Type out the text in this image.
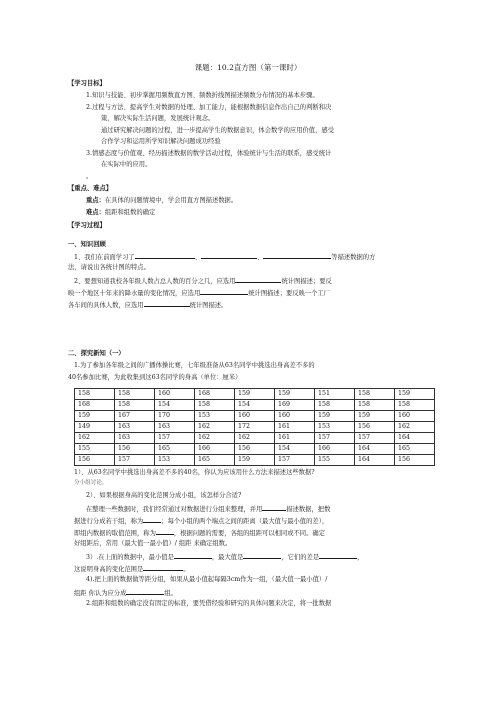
课题：10.2直方图（第一课时）
【学习目标】
1.知识与技能、初步掌握用频数直方图、频数折线图描述频数分布情况的基本步骤。
2.过程与方法、提高学生对数据的处理、加工能力，能根据数据信息作出自己的判断和决
策，解决实际生活问题，发展统计观念。
通过研究解决问题的过程，进一步提高学生的数据意识，体会数学的应用价值，感受
合作学习和运用所学知识解决问题成功经验
3.情感态度与价值观、经历描述数据的数学活动过程，体验统计与生活的联系，感受统计
在实际中的应用。
。
【重点、难点】
重点：在具体的问题情境中，学会用直方图描述数据。
难点：组距和组数的确定
【学习过程】
一、知识回顾
1、我们在前面学习了	、	、	等描述数据的方
法，请说出各统计图的特点。
2、要想知道我校各年级人数占总人数的百分之几，应选用	统计图描述；要反
映一个地区十年来的降水量的变化情况，应选用	统计图描述；要反映一个工厂
各车间的具体人数，应选用	统计图描述。
二、探究新知（一）
1.为了参加各年级之间的广播体操比赛，七年级准备从63名同学中挑选出身高差不多的
40名参加比赛，为此收集到这63名同学的身高（单位：厘米）
158	158	160	168	159	159	151	158	159
168	158	154	158	154	169	158	158	158
159	167	170	153	160	160	159	159	160
149	163	163	162	172	161	153	156	162
162	163	157	162	162	161	157	157	164
155	156	165	166	156	154	166	164	165
156	157	153	165	159	157	155	164	156
1）、从63名同学中挑选出身高差不多的40名，你认为应该用什么方法来描述这些数据?
分小组讨论。
2）、如果根据身高的变化范围分成小组，该怎样分合适?
在整理一些数据时，我们经常通过对数据进行分组来整理，并用	描述数据，把数
据进行分成若干组，称为	；每个小组的两个端点之间的距离（最大值与最小值的差），
即组内数据的取值范围，称为	，根据问题的需要，各组的组距可以相同或不同。确定
好组距后，常用（最大值一最小值）/ 组距 来确定组数。
3）.在上面的数据中，最小值是	，最大值是	，它们的差是	，
这说明身高的变化范围是	。
4).把上面的数据做等距分组，如果从最小值起每隔3cm作为一组，（最大值一最小值）/
组距 你认为应分成	组。
2.组距和组数的确定没有固定的标准，要凭借经验和研究的具体问题来决定，将一批数据
